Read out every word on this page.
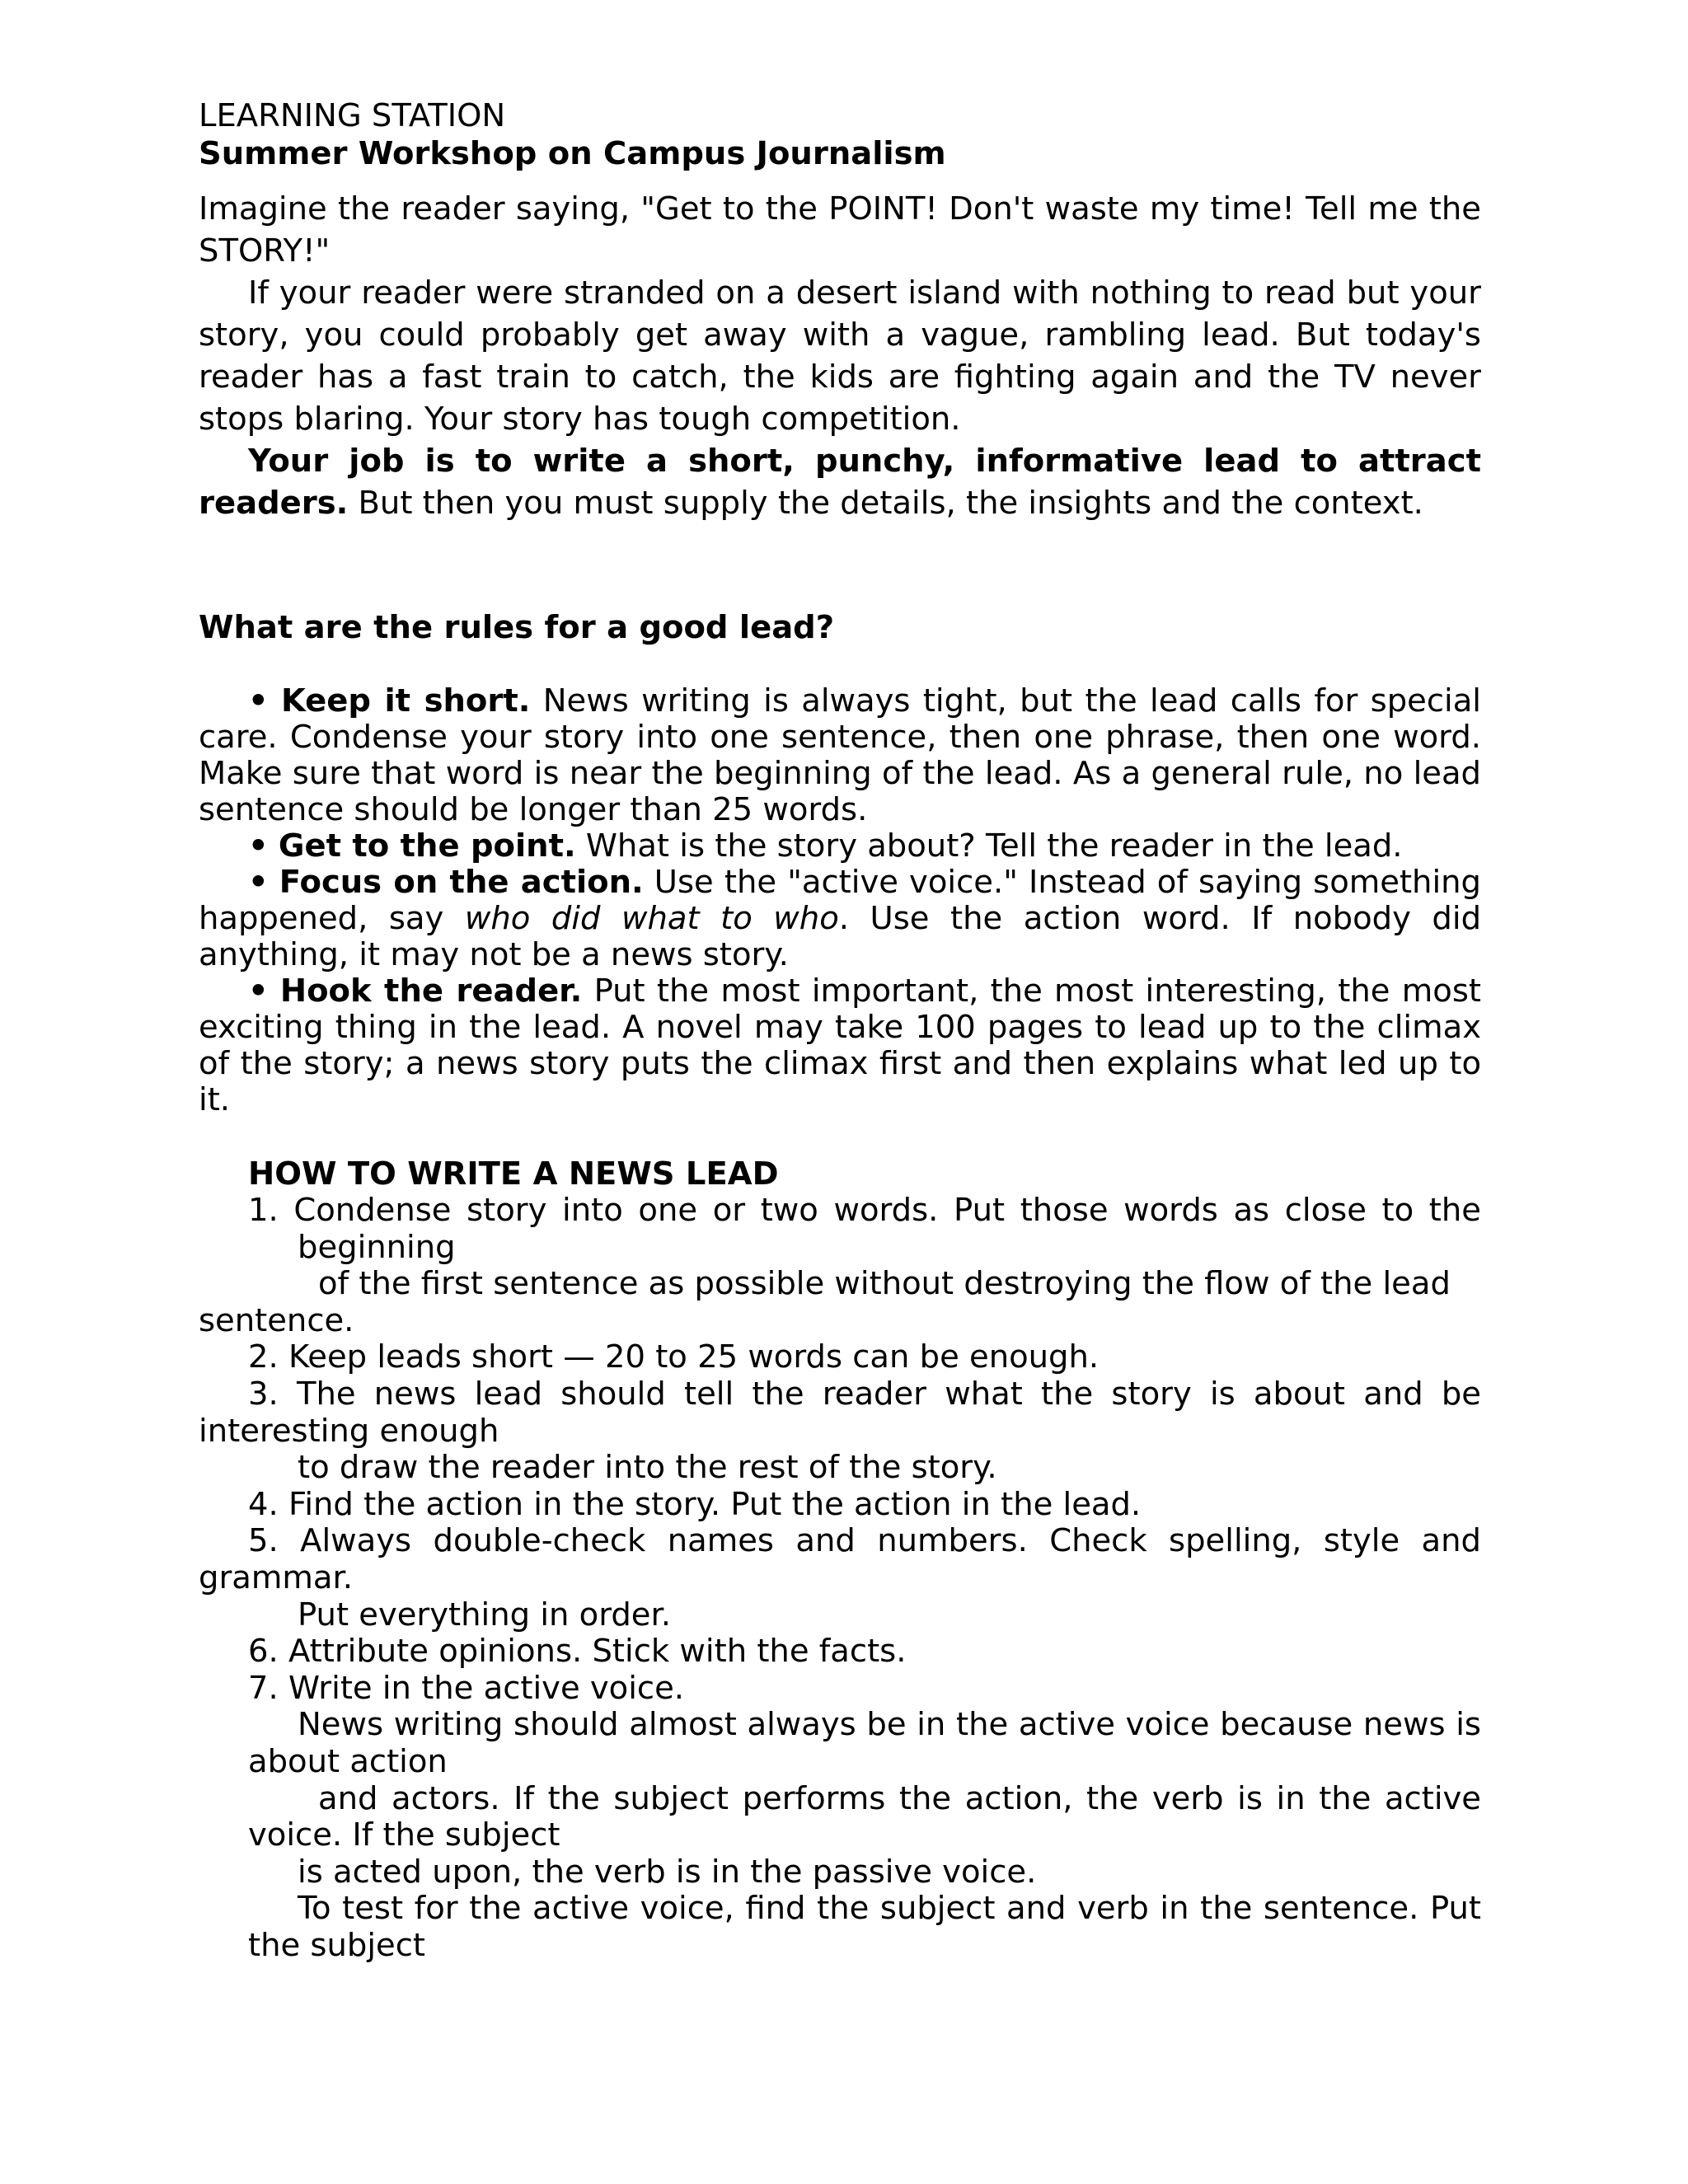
LEARNING STATION
Summer Workshop on Campus Journalism

Imagine the reader saying, "Get to the POINT! Don't waste my time! Tell me the STORY!"

If your reader were stranded on a desert island with nothing to read but your story, you could probably get away with a vague, rambling lead. But today's reader has a fast train to catch, the kids are fighting again and the TV never stops blaring. Your story has tough competition.

Your job is to write a short, punchy, informative lead to attract readers. But then you must supply the details, the insights and the context.

What are the rules for a good lead?

• Keep it short. News writing is always tight, but the lead calls for special care. Condense your story into one sentence, then one phrase, then one word. Make sure that word is near the beginning of the lead. As a general rule, no lead sentence should be longer than 25 words.

• Get to the point. What is the story about? Tell the reader in the lead.

• Focus on the action. Use the "active voice." Instead of saying something happened, say who did what to who. Use the action word. If nobody did anything, it may not be a news story.

• Hook the reader. Put the most important, the most interesting, the most exciting thing in the lead. A novel may take 100 pages to lead up to the climax of the story; a news story puts the climax first and then explains what led up to it.

HOW TO WRITE A NEWS LEAD

1. Condense story into one or two words. Put those words as close to the beginning

of the first sentence as possible without destroying the flow of the lead

sentence.

2. Keep leads short — 20 to 25 words can be enough.

3. The news lead should tell the reader what the story is about and be interesting enough

to draw the reader into the rest of the story.

4. Find the action in the story. Put the action in the lead.

5. Always double-check names and numbers. Check spelling, style and grammar.

Put everything in order.

6. Attribute opinions. Stick with the facts.

7. Write in the active voice.

News writing should almost always be in the active voice because news is about action

and actors. If the subject performs the action, the verb is in the active voice. If the subject

is acted upon, the verb is in the passive voice.

To test for the active voice, find the subject and verb in the sentence. Put the subject
